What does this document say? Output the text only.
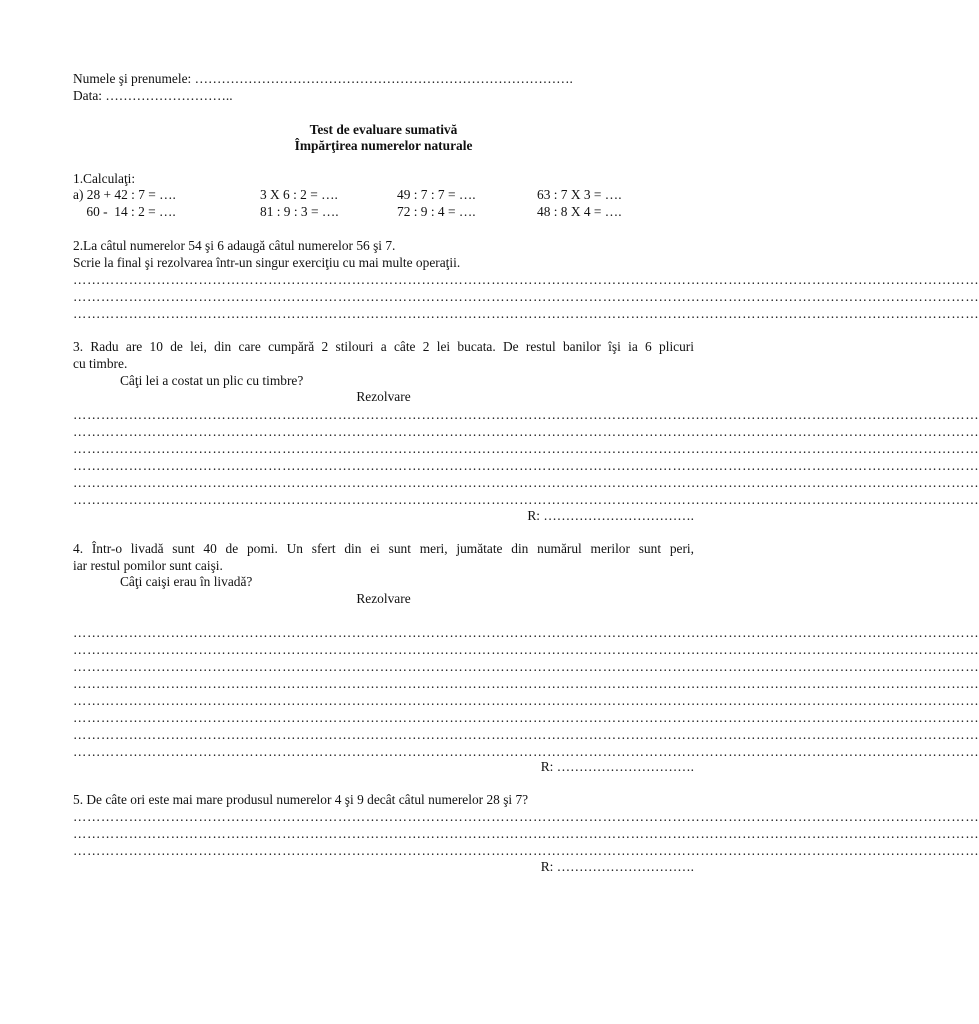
Numele şi prenumele: ………………………………………………………………………….
Data: ………………………..
Test de evaluare sumativă
Împărţirea numerelor naturale
1.Calculaţi:
a) 28 + 42 : 7 = ….	3 X 6 : 2 = ….	49 : 7 : 7 = ….	63 : 7 X 3 = ….
60 -  14 : 2 = ….	81 : 9 : 3 = ….	72 : 9 : 4 = ….	48 : 8 X 4 = ….
2.La câtul numerelor 54 şi 6 adaugă câtul numerelor 56 şi 7.
Scrie la final şi rezolvarea într-un singur exerciţiu cu mai multe operaţii.
……………………………………………………………………………………………………………………………………………………………………………
……………………………………………………………………………………………………………………………………………………………………………
……………………………………………………………………………………………………………………………………………………………………………
3. Radu are 10 de lei, din care cumpără 2 stilouri a câte 2 lei bucata. De restul banilor îşi ia 6 plicuri
cu timbre.
Câţi lei a costat un plic cu timbre?
Rezolvare
……………………………………………………………………………………………………………………………………………………………………………
……………………………………………………………………………………………………………………………………………………………………………
……………………………………………………………………………………………………………………………………………………………………………
……………………………………………………………………………………………………………………………………………………………………………
……………………………………………………………………………………………………………………………………………………………………………
……………………………………………………………………………………………………………………………………………………………………………
R: …………………………….
4. Într-o livadă sunt 40 de pomi. Un sfert din ei sunt meri, jumătate din numărul merilor sunt peri,
iar restul pomilor sunt caişi.
Câţi caişi erau în livadă?
Rezolvare
……………………………………………………………………………………………………………………………………………………………………………
……………………………………………………………………………………………………………………………………………………………………………
……………………………………………………………………………………………………………………………………………………………………………
……………………………………………………………………………………………………………………………………………………………………………
……………………………………………………………………………………………………………………………………………………………………………
……………………………………………………………………………………………………………………………………………………………………………
……………………………………………………………………………………………………………………………………………………………………………
……………………………………………………………………………………………………………………………………………………………………………
R: ………………………….
5. De câte ori este mai mare produsul numerelor 4 şi 9 decât câtul numerelor 28 şi 7?
……………………………………………………………………………………………………………………………………………………………………………
……………………………………………………………………………………………………………………………………………………………………………
……………………………………………………………………………………………………………………………………………………………………………
R: ………………………….
